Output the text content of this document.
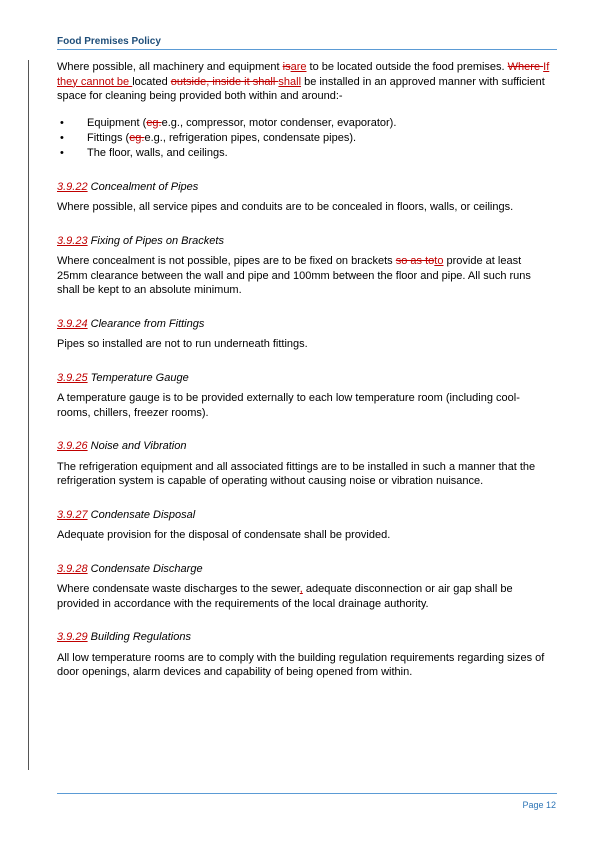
Food Premises Policy

Where possible, all machinery and equipment isare to be located outside the food premises. Where If they cannot be located outside, inside it shall shall be installed in an approved manner with sufficient space for cleaning being provided both within and around:-

• Equipment (eg.e.g., compressor, motor condenser, evaporator).
• Fittings (eg.e.g., refrigeration pipes, condensate pipes).
• The floor, walls, and ceilings.
3.9.22 Concealment of Pipes

Where possible, all service pipes and conduits are to be concealed in floors, walls, or ceilings.

3.9.23 Fixing of Pipes on Brackets

Where concealment is not possible, pipes are to be fixed on brackets so as toto provide at least 25mm clearance between the wall and pipe and 100mm between the floor and pipe. All such runs shall be kept to an absolute minimum.

3.9.24 Clearance from Fittings

Pipes so installed are not to run underneath fittings.

3.9.25 Temperature Gauge

A temperature gauge is to be provided externally to each low temperature room (including cool-rooms, chillers, freezer rooms).

3.9.26 Noise and Vibration

The refrigeration equipment and all associated fittings are to be installed in such a manner that the refrigeration system is capable of operating without causing noise or vibration nuisance.

3.9.27 Condensate Disposal

Adequate provision for the disposal of condensate shall be provided.

3.9.28 Condensate Discharge

Where condensate waste discharges to the sewer, adequate disconnection or air gap shall be provided in accordance with the requirements of the local drainage authority.

3.9.29 Building Regulations

All low temperature rooms are to comply with the building regulation requirements regarding sizes of door openings, alarm devices and capability of being opened from within.

Page 12
